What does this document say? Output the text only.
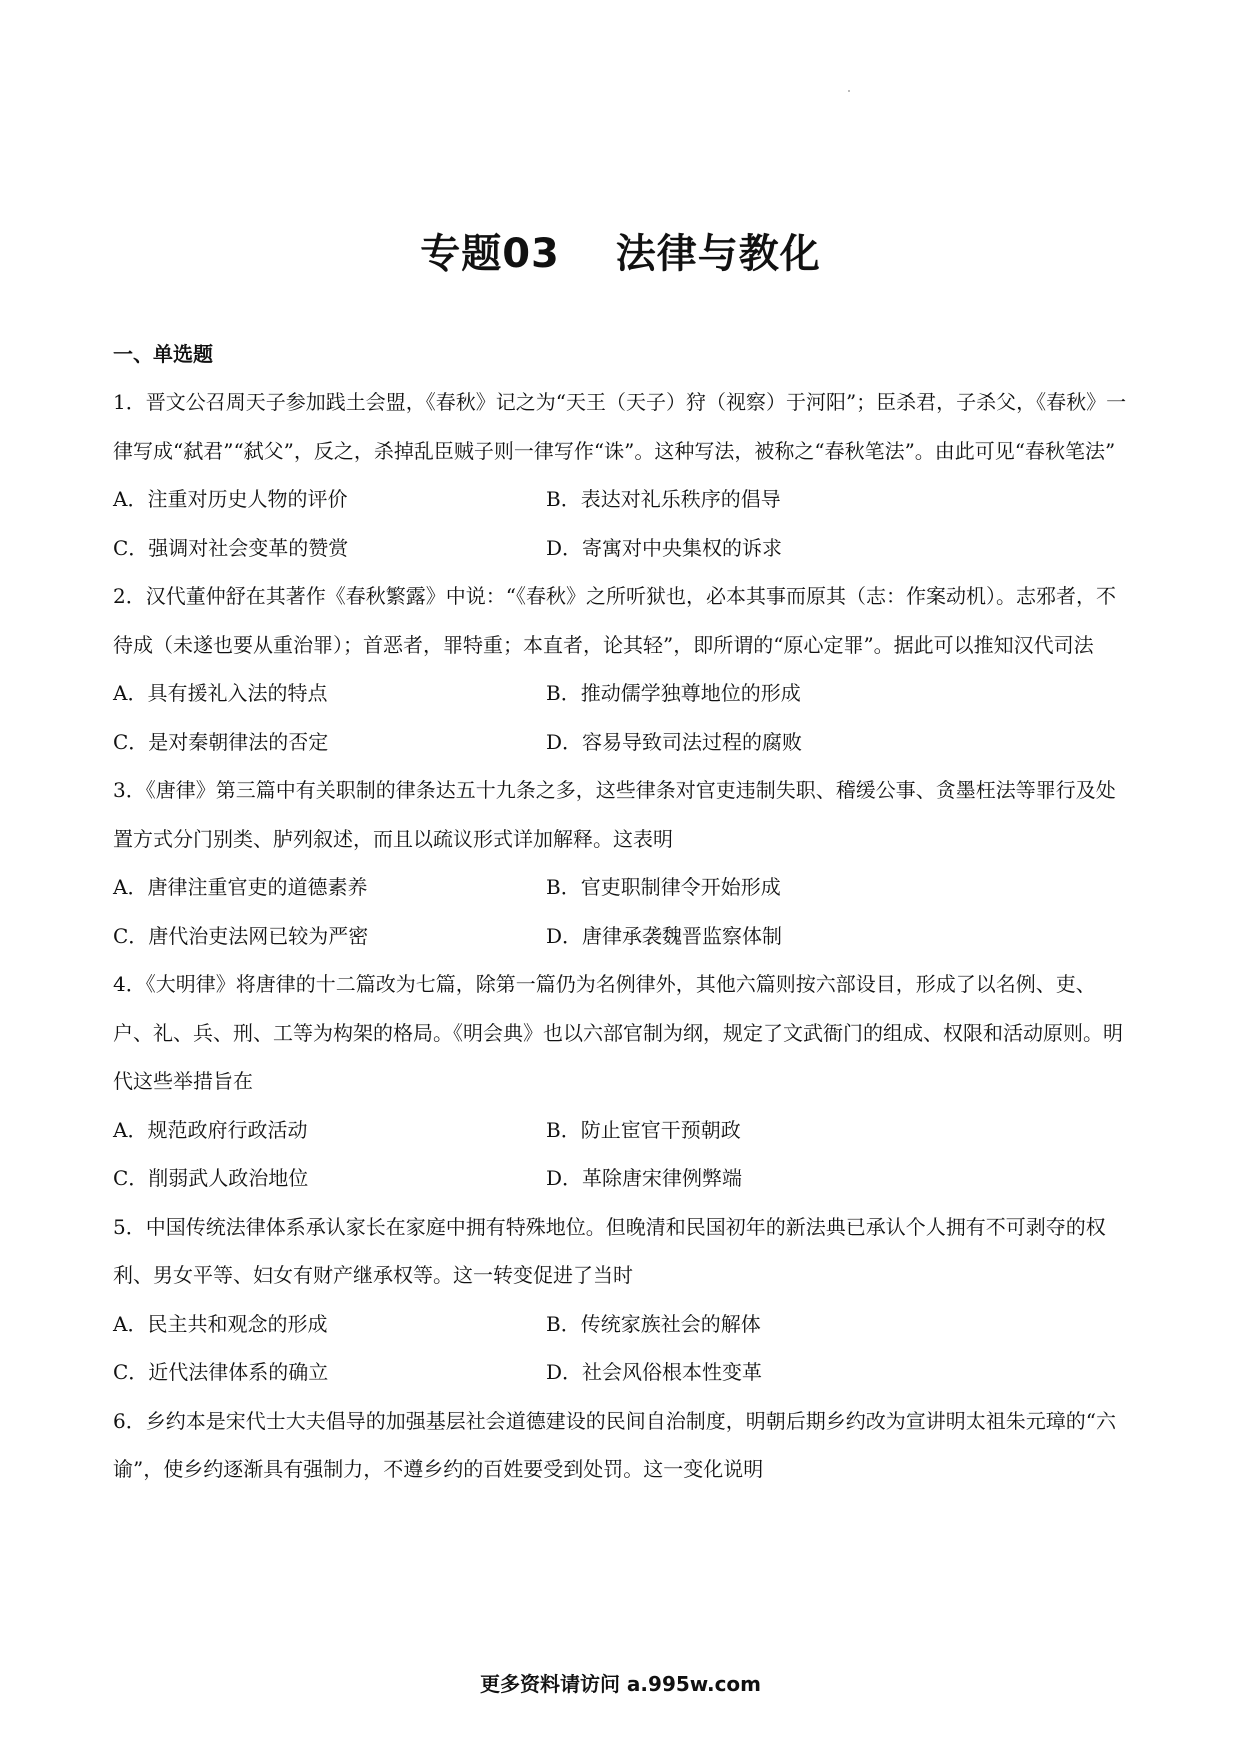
专题03　 法律与教化
一、单选题

1．晋文公召周天子参加践土会盟，《春秋》记之为“天王（天子）狩（视察）于河阳”；臣杀君，子杀父，《春秋》一律写成“弑君”“弑父”，反之，杀掉乱臣贼子则一律写作“诛”。这种写法，被称之“春秋笔法”。由此可见“春秋笔法”

A．注重对历史人物的评价	B．表达对礼乐秩序的倡导
C．强调对社会变革的赞赏	D．寄寓对中央集权的诉求

2．汉代董仲舒在其著作《春秋繁露》中说：“《春秋》之所听狱也，必本其事而原其（志：作案动机）。志邪者，不待成（未遂也要从重治罪）；首恶者，罪特重；本直者，论其轻”，即所谓的“原心定罪”。据此可以推知汉代司法

A．具有援礼入法的特点	B．推动儒学独尊地位的形成
C．是对秦朝律法的否定	D．容易导致司法过程的腐败

3．《唐律》第三篇中有关职制的律条达五十九条之多，这些律条对官吏违制失职、稽缓公事、贪墨枉法等罪行及处置方式分门别类、胪列叙述，而且以疏议形式详加解释。这表明

A．唐律注重官吏的道德素养	B．官吏职制律令开始形成
C．唐代治吏法网已较为严密	D．唐律承袭魏晋监察体制

4．《大明律》将唐律的十二篇改为七篇，除第一篇仍为名例律外，其他六篇则按六部设目，形成了以名例、吏、户、礼、兵、刑、工等为构架的格局。《明会典》也以六部官制为纲，规定了文武衙门的组成、权限和活动原则。明代这些举措旨在

A．规范政府行政活动	B．防止宦官干预朝政
C．削弱武人政治地位	D．革除唐宋律例弊端

5．中国传统法律体系承认家长在家庭中拥有特殊地位。但晚清和民国初年的新法典已承认个人拥有不可剥夺的权利、男女平等、妇女有财产继承权等。这一转变促进了当时

A．民主共和观念的形成	B．传统家族社会的解体
C．近代法律体系的确立	D．社会风俗根本性变革

6．乡约本是宋代士大夫倡导的加强基层社会道德建设的民间自治制度，明朝后期乡约改为宣讲明太祖朱元璋的“六谕”，使乡约逐渐具有强制力，不遵乡约的百姓要受到处罚。这一变化说明

更多资料请访问 a.995w.com
